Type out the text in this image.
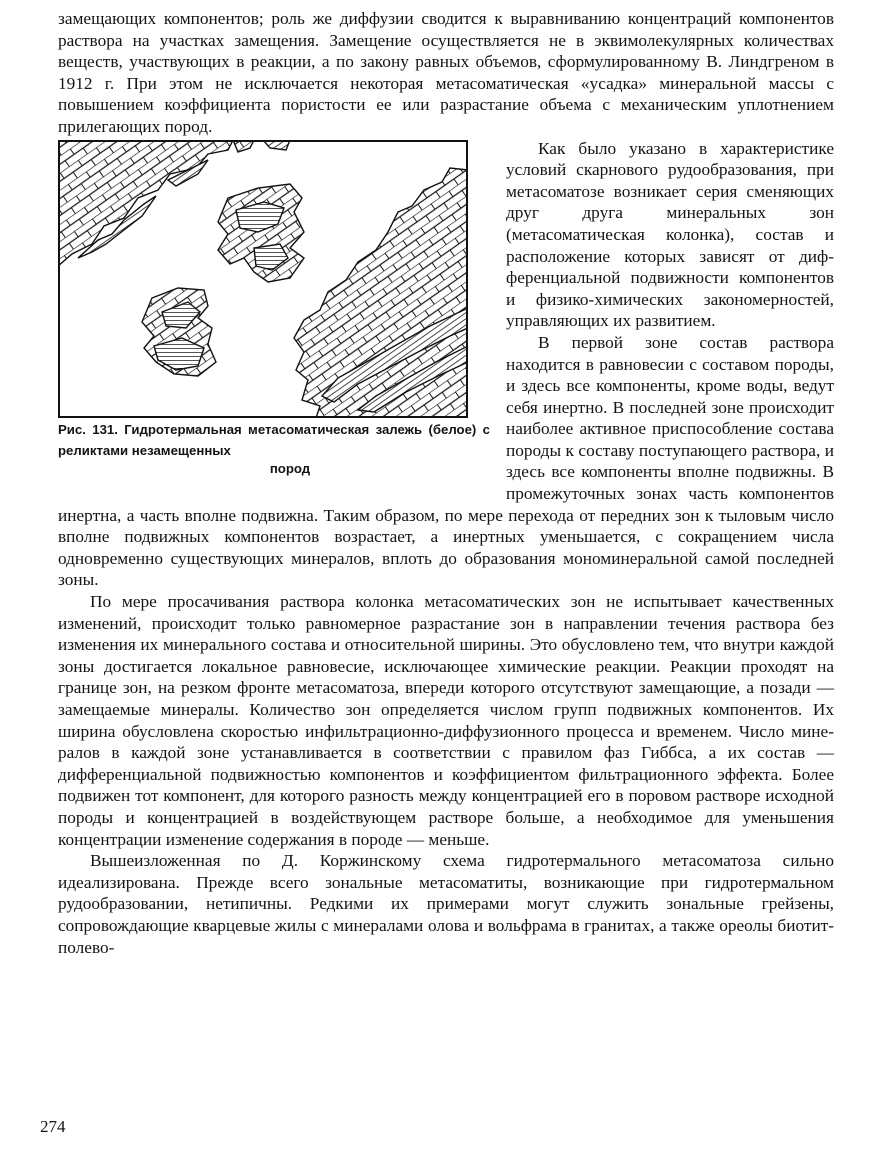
замещающих компонентов; роль же диффузии сводится к выравниванию концентраций компонентов раствора на участках замещения. Замещение осуществляется не в эквимолекулярных количествах веществ, участвующих в реакции, а по закону равных объемов, сформулированному В. Линдгреном в 1912 г. При этом не исключается некоторая метасоматическая «усадка» минеральной массы с повышением коэффициента пористости ее или разрастание объема с механическим уплотнением прилегающих пород.

Рис. 131. Гидротермальная метасоматическая залежь (белое) с реликтами незамещенных
пород
Как было указано в характеристике условий скарнового рудообразования, при метасоматозе возникает серия сменяющих друг друга минеральных зон (метасоматическая колонка), состав и расположение которых зависят от дифференциальной подвижности компонентов и физико-химических закономерностей, управляющих их развитием.

В первой зоне состав раствора находится в равновесии с составом породы, и здесь все компоненты, кроме воды, ведут себя инертно. В последней зоне происходит наиболее активное приспособление состава породы к составу поступающего раствора, и здесь все компоненты вполне подвижны. В промежуточных зонах часть компонентов инертна, а часть вполне подвижна. Таким образом, по мере перехода от передних зон к тыловым число вполне подвижных компонентов возрастает, а инертных уменьшается, с сокращением числа одновременно существующих минералов, вплоть до образования мономинеральной самой последней зоны.

По мере просачивания раствора колонка метасоматических зон не испытывает качественных изменений, происходит только равномерное разрастание зон в направлении течения раствора без изменения их минерального состава и относительной ширины. Это обусловлено тем, что внутри каждой зоны достигается локальное равновесие, исключающее химические реакции. Реакции проходят на границе зон, на резком фронте метасоматоза, впереди которого отсутствуют замещающие, а позади — замещаемые минералы. Количество зон определяется числом групп подвижных компонентов. Их ширина обусловлена скоростью инфильтрационно-диффузионного процесса и временем. Число минералов в каждой зоне устанавливается в соответствии с правилом фаз Гиббса, а их состав — дифференциальной подвижностью компонентов и коэффициентом фильтрационного эффекта. Более подвижен тот компонент, для которого разность между концентрацией его в поровом растворе исходной породы и концентрацией в воздействующем растворе больше, а необходимое для уменьшения концентрации изменение содержания в породе — меньше.

Вышеизложенная по Д. Коржинскому схема гидротермального метасоматоза сильно идеализирована. Прежде всего зональные метасоматиты, возникающие при гидротермальном рудообразовании, нетипичны. Редкими их примерами могут служить зональные грейзены, сопровождающие кварцевые жилы с минералами олова и вольфрама в гранитах, а также ореолы биотит-полево-

274
